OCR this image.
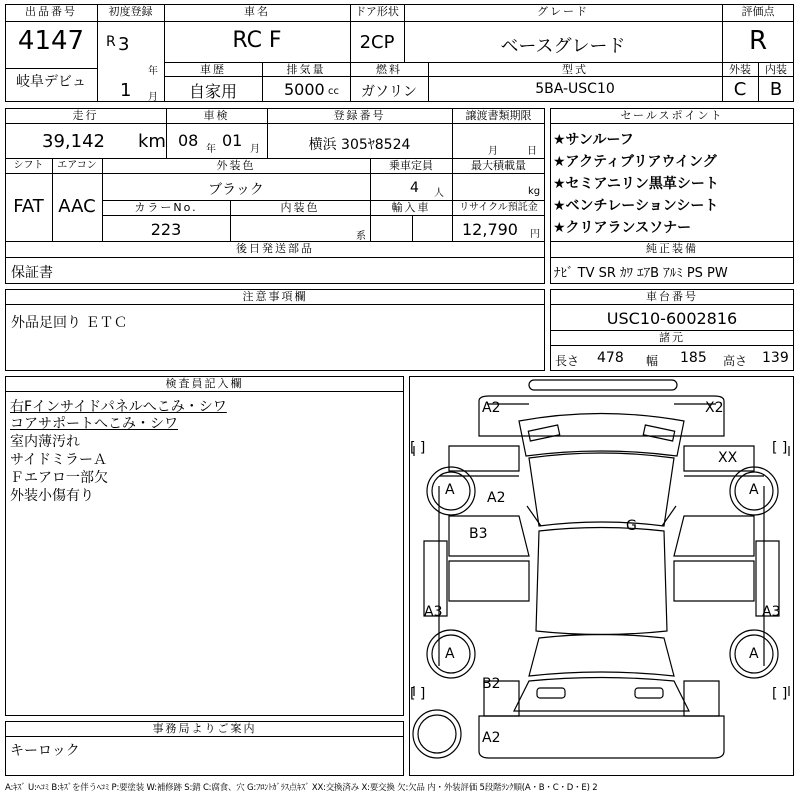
出品番号
4147
岐阜デビュ
初度登録
R 3
年
1 月
車名
RC F
ドア形状
2CP
グレード
ベースグレード
評価点
R
車歴
自家用
排気量
5000 cc
燃料
ガソリン
型式
5BA-USC10
外装
C
内装
B
走行
39,142 km
車検
08 年 01 月
登録番号
横浜 305ﾔ8524
譲渡書類期限
月	日
シフト
FAT
エアコン
AAC
外装色
ブラック
乗車定員
4 人
最大積載量
kg
カラーNo.
223
内装色
系
輸入車	リサイクル預託金
12,790 円
後日発送部品
保証書
セールスポイント
★サンルーフ
★アクティブリアウイング
★セミアニリン黒革シート
★ベンチレーションシート
★クリアランスソナー
純正装備
ﾅﾋﾞ TV SR ｶﾜ ｴｱB ｱﾙﾐ PS PW
注意事項欄
外品足回り ＥＴＣ
車台番号
USC10-6002816
諸元
長さ 478 幅 185 高さ 139
検査員記入欄
右Fインサイドパネルへこみ・シワ
コアサポートへこみ・シワ
室内薄汚れ
サイドミラーＡ
Ｆエアロ一部欠
外装小傷有り
事務局よりご案内
キーロック
A2	X2
XX
A	A
A2
B3	G
A3	A3
A	A
B2
A2
[ ]	[ ]
[ ]	[ ]
A:ｷｽﾞ U:ﾍｺﾐ B:ｷｽﾞを伴うﾍｺﾐ P:要塗装 W:補修跡 S:錆 C:腐食、穴 G:ﾌﾛﾝﾄｶﾞﾗｽ点ｷｽﾞ XX:交換済み X:要交換 欠:欠品 内・外装評価 5段階ﾗﾝｸ順(A・B・C・D・E) 2
